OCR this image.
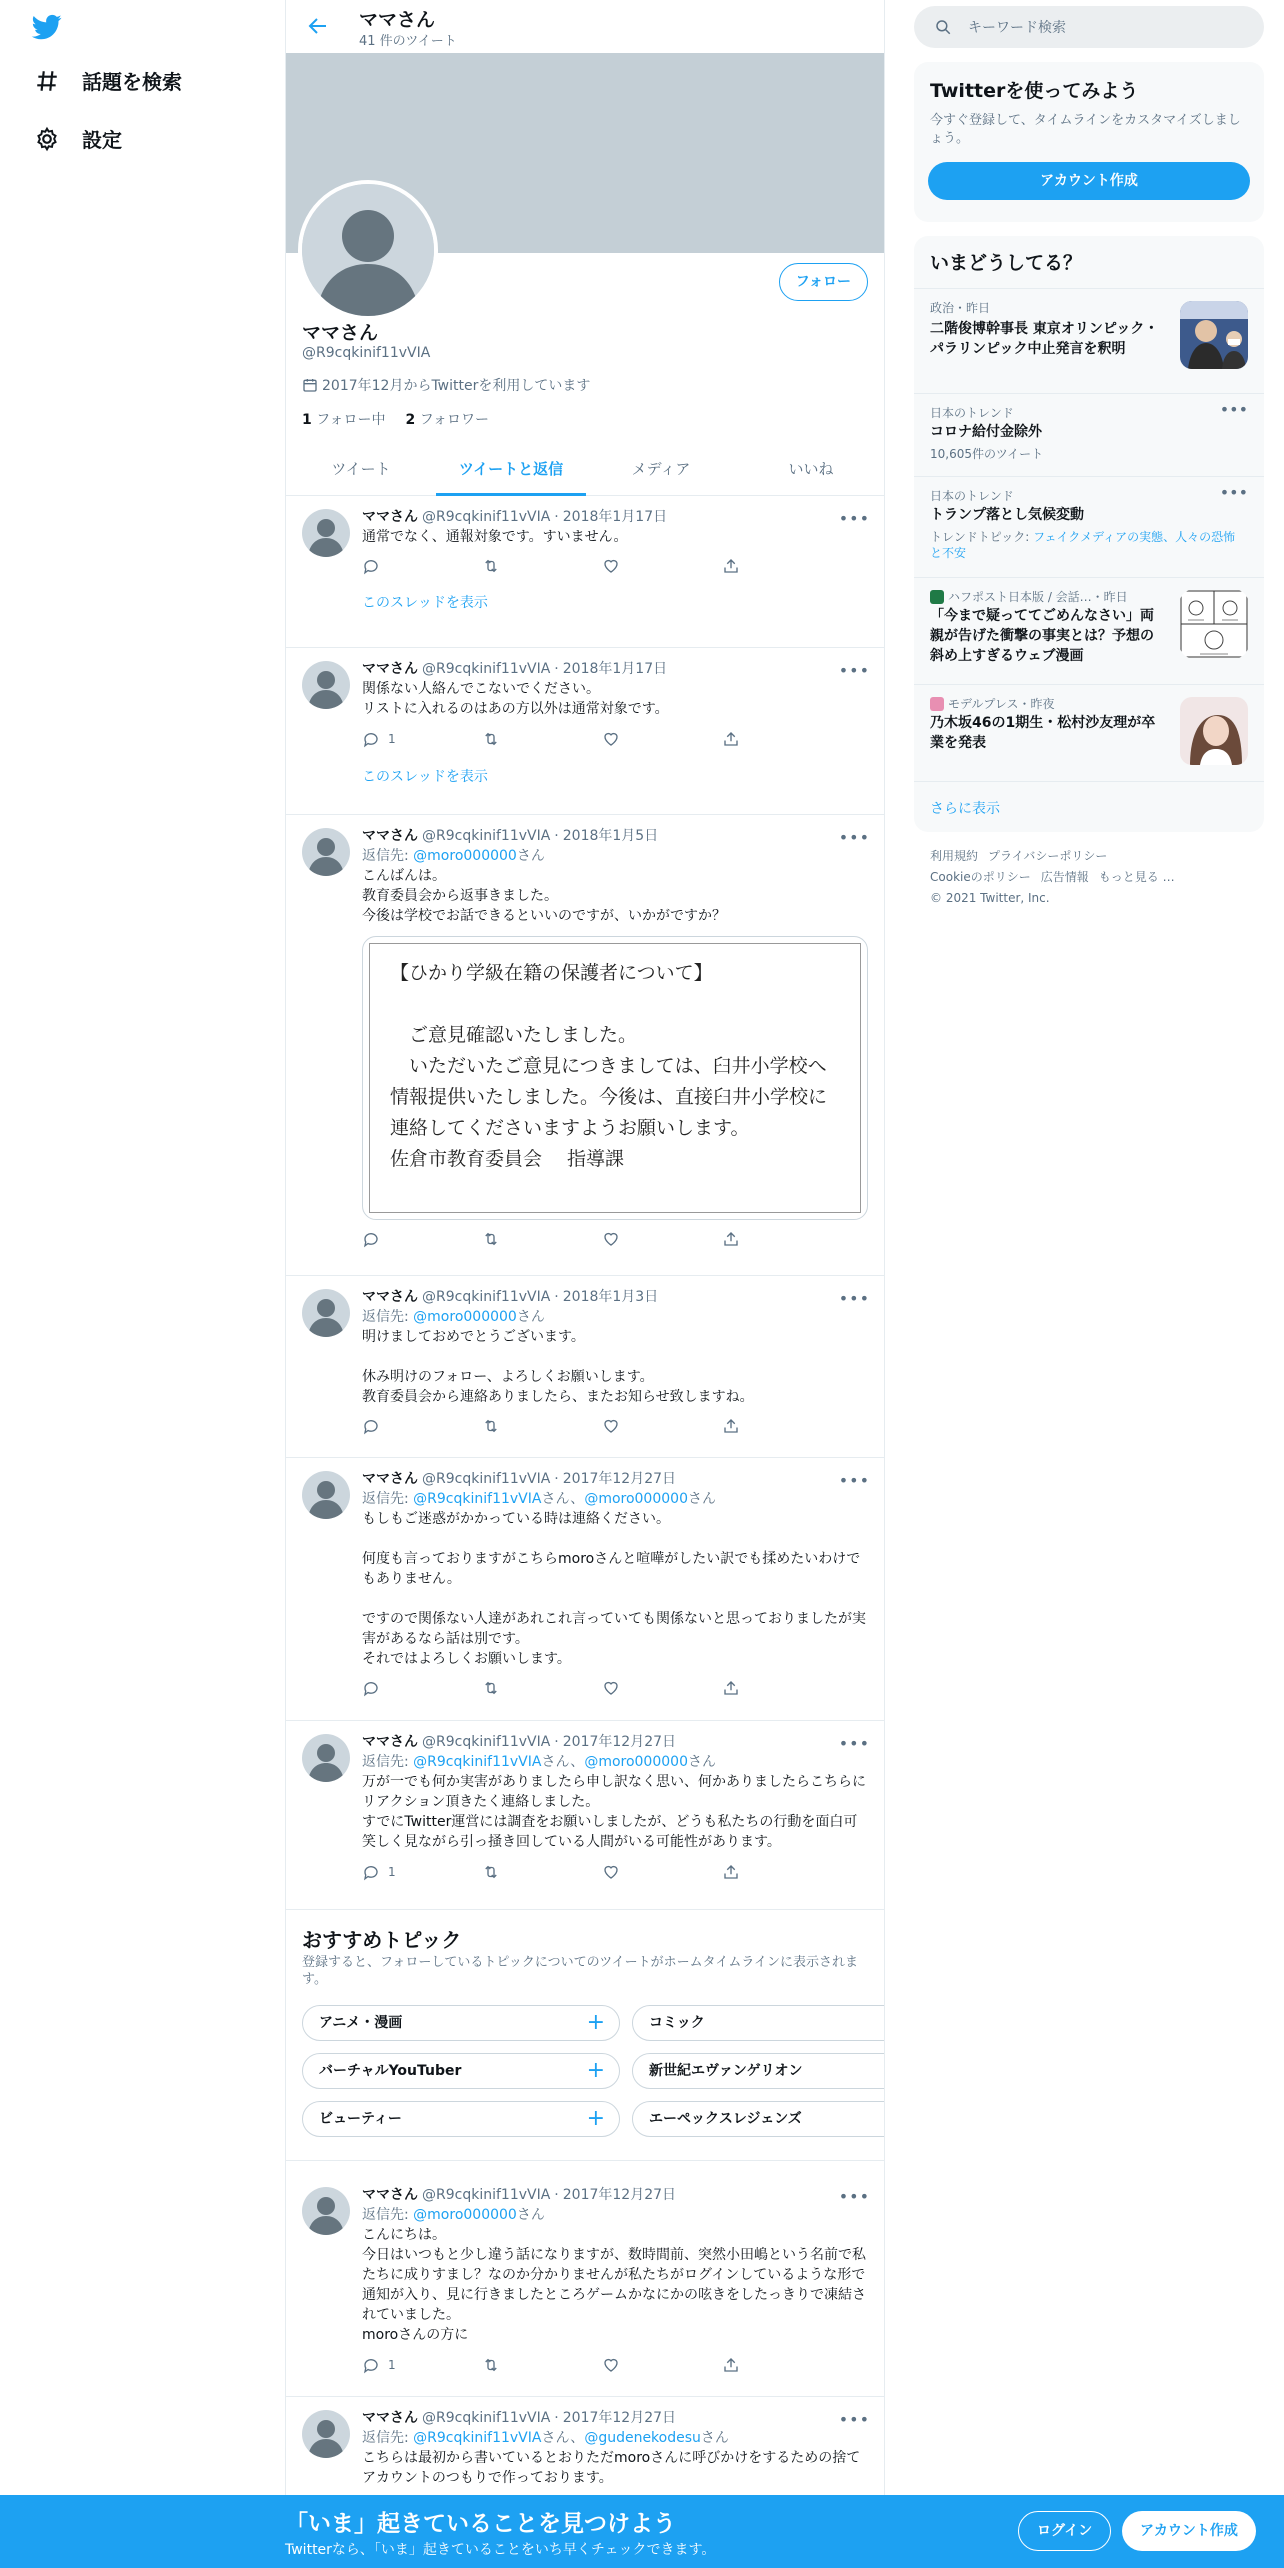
話題を検索
設定
ママさん
41 件のツイート
フォロー
ママさん
@R9cqkinif11vVIA
2017年12月からTwitterを利用しています
1 フォロー中 2 フォロワー
ツイート	ツイートと返信	メディア	いいね
•••
ママさん @R9cqkinif11vVIA · 2018年1月17日
通常でなく、通報対象です。すいません。
このスレッドを表示
•••
ママさん @R9cqkinif11vVIA · 2018年1月17日
関係ない人絡んでこないでください。
リストに入れるのはあの方以外は通常対象です。
1
このスレッドを表示
•••
ママさん @R9cqkinif11vVIA · 2018年1月5日
返信先: @moro000000さん
こんばんは。
教育委員会から返事きました。
今後は学校でお話できるといいのですが、いかがですか？
【ひかり学級在籍の保護者について】

　ご意見確認いたしました。
　いただいたご意見につきましては、臼井小学校へ情報提供いたしました。今後は、直接臼井小学校に連絡してくださいますようお願いします。
佐倉市教育委員会　 指導課
•••
ママさん @R9cqkinif11vVIA · 2018年1月3日
返信先: @moro000000さん
明けましておめでとうございます。

休み明けのフォロー、よろしくお願いします。
教育委員会から連絡ありましたら、またお知らせ致しますね。
•••
ママさん @R9cqkinif11vVIA · 2017年12月27日
返信先: @R9cqkinif11vVIAさん、@moro000000さん
もしもご迷惑がかかっている時は連絡ください。

何度も言っておりますがこちらmoroさんと喧嘩がしたい訳でも揉めたいわけでもありません。

ですので関係ない人達があれこれ言っていても関係ないと思っておりましたが実害があるなら話は別です。
それではよろしくお願いします。
•••
ママさん @R9cqkinif11vVIA · 2017年12月27日
返信先: @R9cqkinif11vVIAさん、@moro000000さん
万が一でも何か実害がありましたら申し訳なく思い、何かありましたらこちらにリアクション頂きたく連絡しました。
すでにTwitter運営には調査をお願いしましたが、どうも私たちの行動を面白可笑しく見ながら引っ掻き回している人間がいる可能性があります。
1
おすすめトピック
登録すると、フォローしているトピックについてのツイートがホームタイムラインに表示されます。
アニメ・漫画	+	コミック
バーチャルYouTuber	+	新世紀エヴァンゲリオン
ビューティー	+	エーペックスレジェンズ
•••
ママさん @R9cqkinif11vVIA · 2017年12月27日
返信先: @moro000000さん
こんにちは。
今日はいつもと少し違う話になりますが、数時間前、突然小田嶋という名前で私たちに成りすまし？なのか分かりませんが私たちがログインしているような形で通知が入り、見に行きましたところゲームかなにかの呟きをしたっきりで凍結されていました。
moroさんの方に
1
•••
ママさん @R9cqkinif11vVIA · 2017年12月27日
返信先: @R9cqkinif11vVIAさん、@gudenekodesuさん
こちらは最初から書いているとおりただmoroさんに呼びかけをするための捨てアカウントのつもりで作っております。
キーワード検索
Twitterを使ってみよう
今すぐ登録して、タイムラインをカスタマイズしましょう。
アカウント作成
いまどうしてる？
政治・昨日
二階俊博幹事長 東京オリンピック・パラリンピック中止発言を釈明
日本のトレンド
コロナ給付金除外
10,605件のツイート
•••
日本のトレンド
トランプ落とし気候変動
トレンドトピック: フェイクメディアの実態、人々の恐怖と不安
•••
ハフポスト日本版 / 会話…・昨日
「今まで疑っててごめんなさい」両親が告げた衝撃の事実とは？予想の斜め上すぎるウェブ漫画
モデルプレス・昨夜
乃木坂46の1期生・松村沙友理が卒業を発表
さらに表示
利用規約 プライバシーポリシー
Cookieのポリシー 広告情報 もっと見る …
© 2021 Twitter, Inc.
「いま」起きていることを見つけよう
Twitterなら、「いま」起きていることをいち早くチェックできます。
ログイン	アカウント作成
